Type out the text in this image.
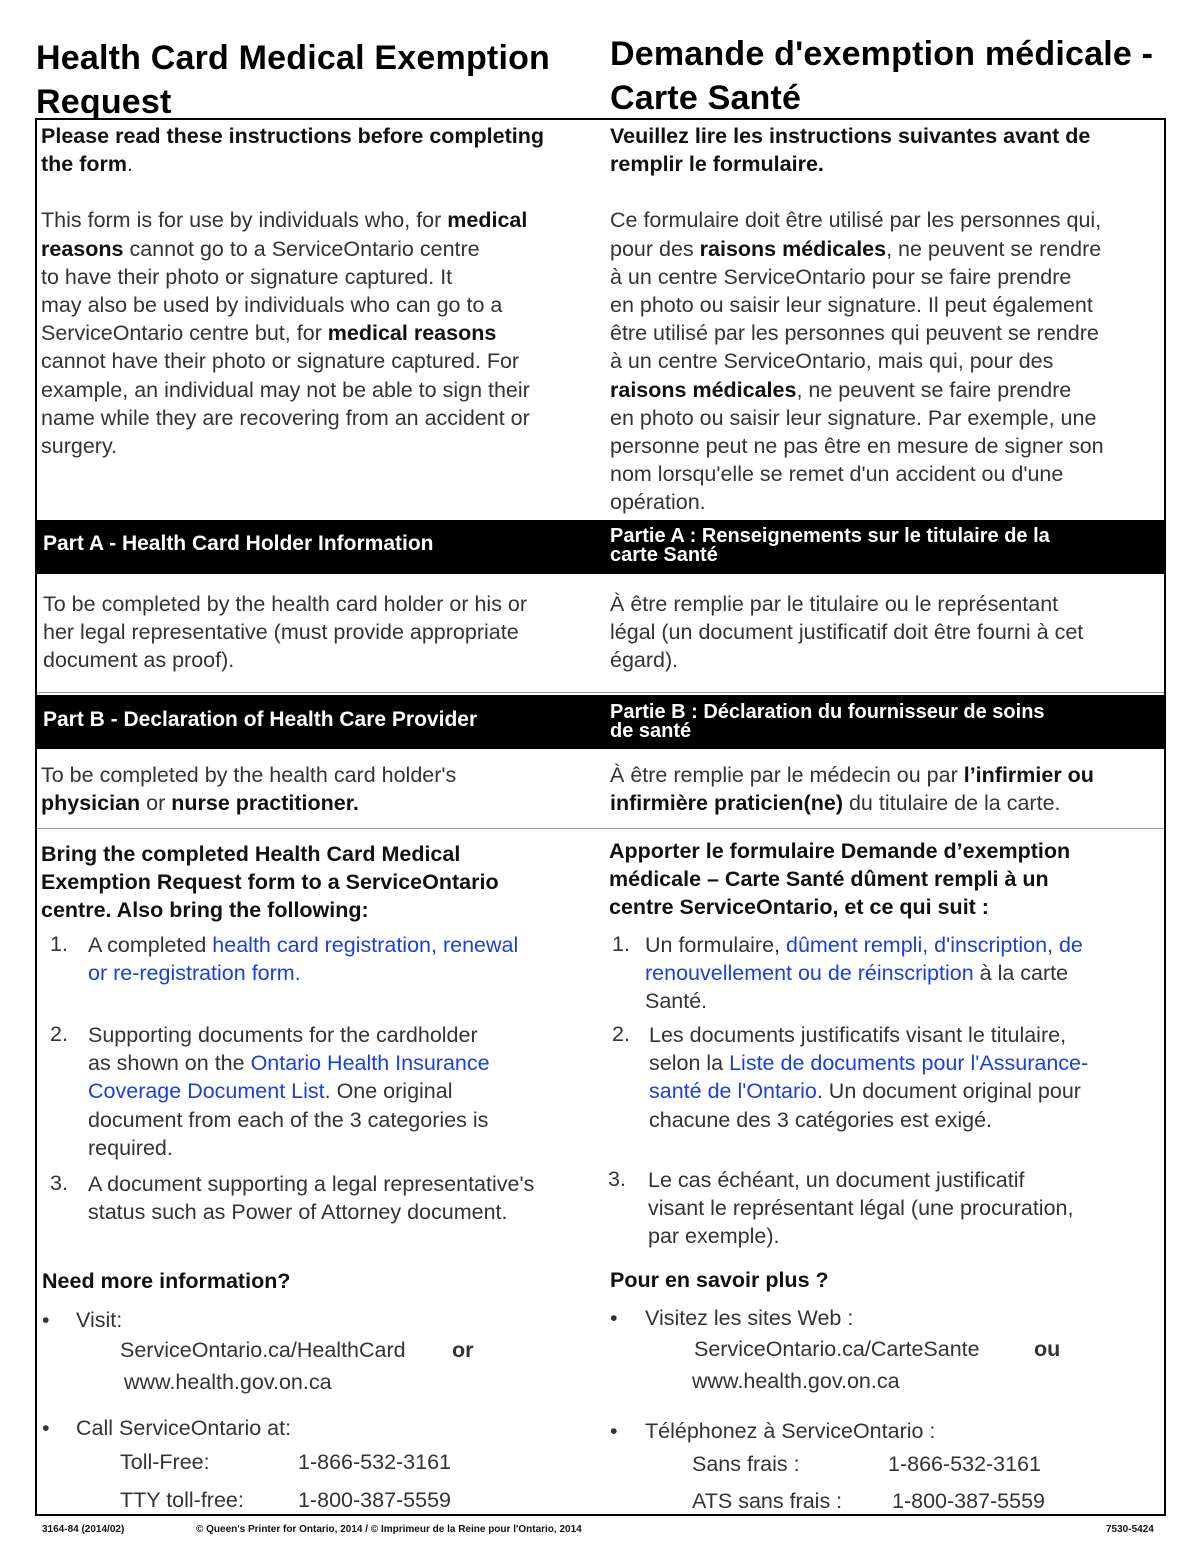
Health Card Medical Exemption
Request
Demande d'exemption médicale -
Carte Santé
Please read these instructions before completing
the form.
This form is for use by individuals who, for medical
reasons cannot go to a ServiceOntario centre
to have their photo or signature captured. It
may also be used by individuals who can go to a
ServiceOntario centre but, for medical reasons
cannot have their photo or signature captured. For
example, an individual may not be able to sign their
name while they are recovering from an accident or
surgery.
Veuillez lire les instructions suivantes avant de
remplir le formulaire.
Ce formulaire doit être utilisé par les personnes qui,
pour des raisons médicales, ne peuvent se rendre
à un centre ServiceOntario pour se faire prendre
en photo ou saisir leur signature. Il peut également
être utilisé par les personnes qui peuvent se rendre
à un centre ServiceOntario, mais qui, pour des
raisons médicales, ne peuvent se faire prendre
en photo ou saisir leur signature. Par exemple, une
personne peut ne pas être en mesure de signer son
nom lorsqu'elle se remet d'un accident ou d'une
opération.
Part A - Health Card Holder Information	Partie A : Renseignements sur le titulaire de la
carte Santé
To be completed by the health card holder or his or
her legal representative (must provide appropriate
document as proof).
À être remplie par le titulaire ou le représentant
légal (un document justificatif doit être fourni à cet
égard).
Part B - Declaration of Health Care Provider	Partie B : Déclaration du fournisseur de soins
de santé
To be completed by the health card holder's
physician or nurse practitioner.
À être remplie par le médecin ou par l’infirmier ou
infirmière praticien(ne) du titulaire de la carte.
Bring the completed Health Card Medical
Exemption Request form to a ServiceOntario
centre. Also bring the following:
Apporter le formulaire Demande d’exemption
médicale – Carte Santé dûment rempli à un
centre ServiceOntario, et ce qui suit :
1. A completed health card registration, renewal
or re-registration form.
2. Supporting documents for the cardholder
as shown on the Ontario Health Insurance
Coverage Document List. One original
document from each of the 3 categories is
required.
3. A document supporting a legal representative's
status such as Power of Attorney document.
1. Un formulaire, dûment rempli, d'inscription, de
renouvellement ou de réinscription à la carte
Santé.
2. Les documents justificatifs visant le titulaire,
selon la Liste de documents pour l'Assurance-
santé de l'Ontario. Un document original pour
chacune des 3 catégories est exigé.
3. Le cas échéant, un document justificatif
visant le représentant légal (une procuration,
par exemple).
Need more information?
• Visit:
ServiceOntario.ca/HealthCard or
www.health.gov.on.ca
• Call ServiceOntario at:
Toll-Free:	1-866-532-3161
TTY toll-free:	1-800-387-5559
Pour en savoir plus ?
• Visitez les sites Web :
ServiceOntario.ca/CarteSante	ou
www.health.gov.on.ca
• Téléphonez à ServiceOntario :
Sans frais :	1-866-532-3161
ATS sans frais : 1-800-387-5559
3164-84 (2014/02)	© Queen's Printer for Ontario, 2014 / © Imprimeur de la Reine pour l'Ontario, 2014	7530-5424
